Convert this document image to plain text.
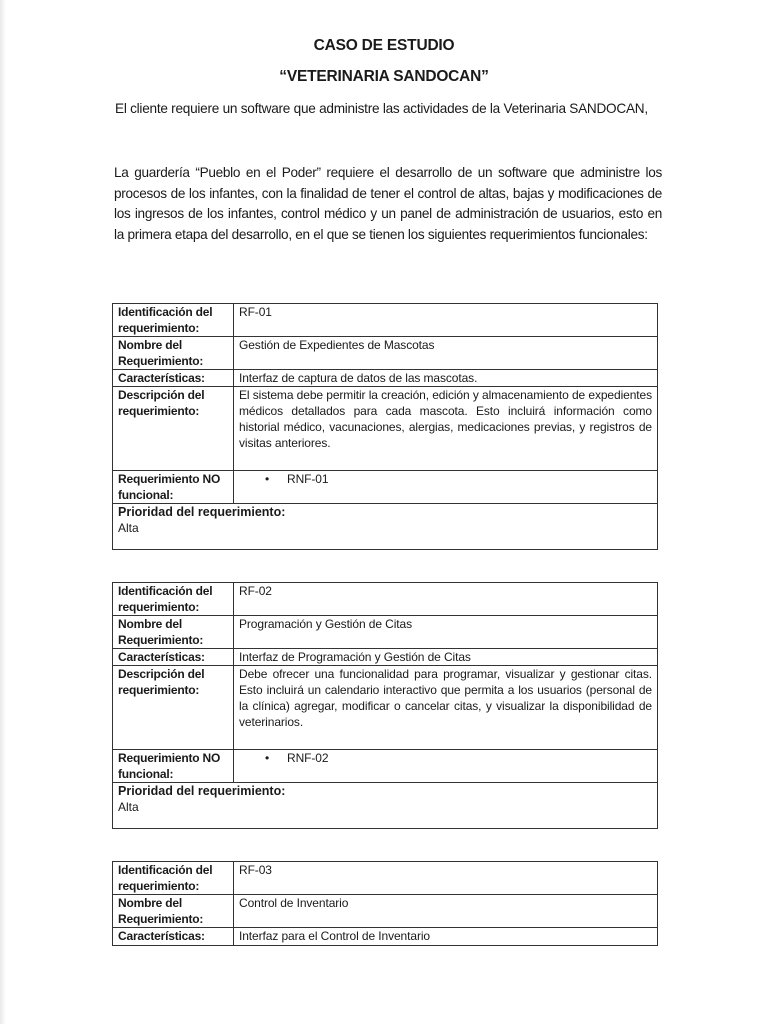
CASO DE ESTUDIO
“VETERINARIA SANDOCAN”
El cliente requiere un software que administre las actividades de la Veterinaria SANDOCAN,

La guardería “Pueblo en el Poder” requiere el desarrollo de un software que administre los procesos de los infantes, con la finalidad de tener el control de altas, bajas y modificaciones de los ingresos de los infantes, control médico y un panel de administración de usuarios, esto en la primera etapa del desarrollo, en el que se tienen los siguientes requerimientos funcionales:

Identificación del requerimiento:	RF-01
Nombre del Requerimiento:	Gestión de Expedientes de Mascotas
Características:	Interfaz de captura de datos de las mascotas.
Descripción del requerimiento:	El sistema debe permitir la creación, edición y almacenamiento de expedientes médicos detallados para cada mascota. Esto incluirá información como historial médico, vacunaciones, alergias, medicaciones previas, y registros de visitas anteriores.
Requerimiento NO funcional:	• RNF-01

Prioridad del requerimiento:
Alta	
Identificación del requerimiento:	RF-02
Nombre del Requerimiento:	Programación y Gestión de Citas
Características:	Interfaz de Programación y Gestión de Citas
Descripción del requerimiento:	Debe ofrecer una funcionalidad para programar, visualizar y gestionar citas. Esto incluirá un calendario interactivo que permita a los usuarios (personal de la clínica) agregar, modificar o cancelar citas, y visualizar la disponibilidad de veterinarios.
Requerimiento NO funcional:	• RNF-02

Prioridad del requerimiento:
Alta	
Identificación del requerimiento:	RF-03
Nombre del Requerimiento:	Control de Inventario
Características:	Interfaz para el Control de Inventario
